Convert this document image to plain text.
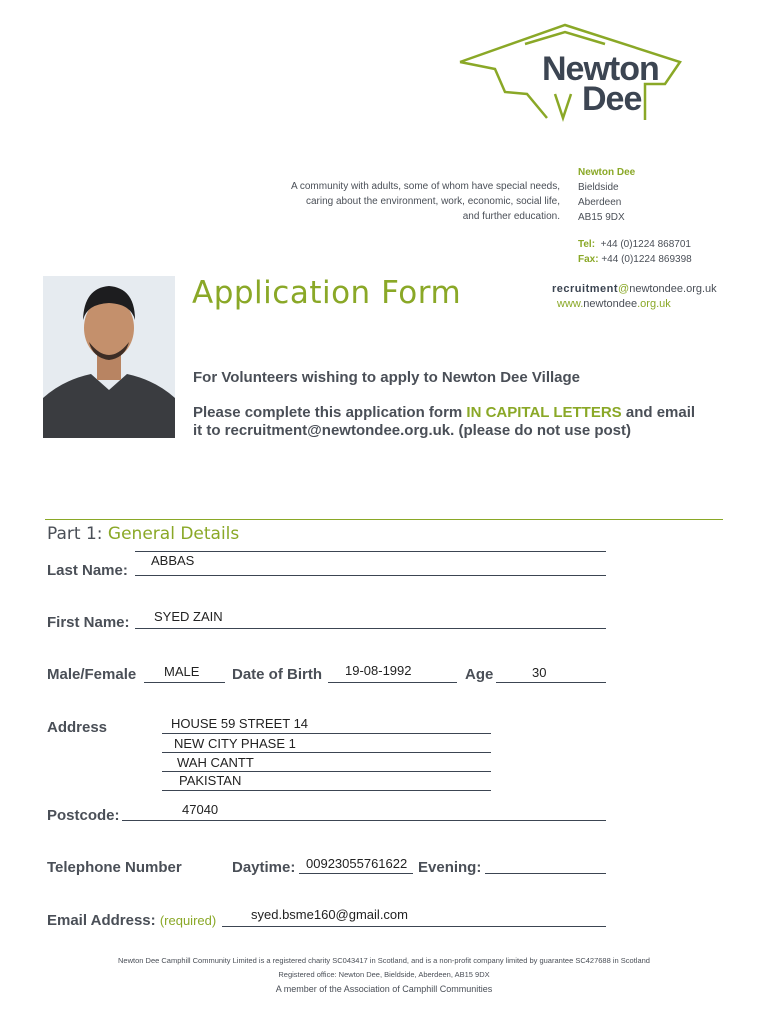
Newton
Dee
A community with adults, some of whom have special needs,
caring about the environment, work, economic, social life,
and further education.
Newton Dee
Bieldside
Aberdeen
AB15 9DX
Tel: +44 (0)1224 868701
Fax: +44 (0)1224 869398
Application Form	recruitment@newtondee.org.uk
www.newtondee.org.uk
For Volunteers wishing to apply to Newton Dee Village
Please complete this application form IN CAPITAL LETTERS and email
it to recruitment@newtondee.org.uk. (please do not use post)
Part 1: General Details
Last Name:
ABBAS
First Name: SYED ZAIN
Male/Female MALE Date of Birth 19-08-1992	Age	30
Address	HOUSE 59 STREET 14
NEW CITY PHASE 1
WAH CANTT
PAKISTAN
Postcode:	47040
Telephone Number	Daytime: 00923055761622 Evening:
Email Address: (required)	syed.bsme160@gmail.com
Newton Dee Camphill Community Limited is a registered charity SC043417 in Scotland, and is a non-profit company limited by guarantee SC427688 in Scotland
Registered office: Newton Dee, Bieldside, Aberdeen, AB15 9DX
A member of the Association of Camphill Communities
